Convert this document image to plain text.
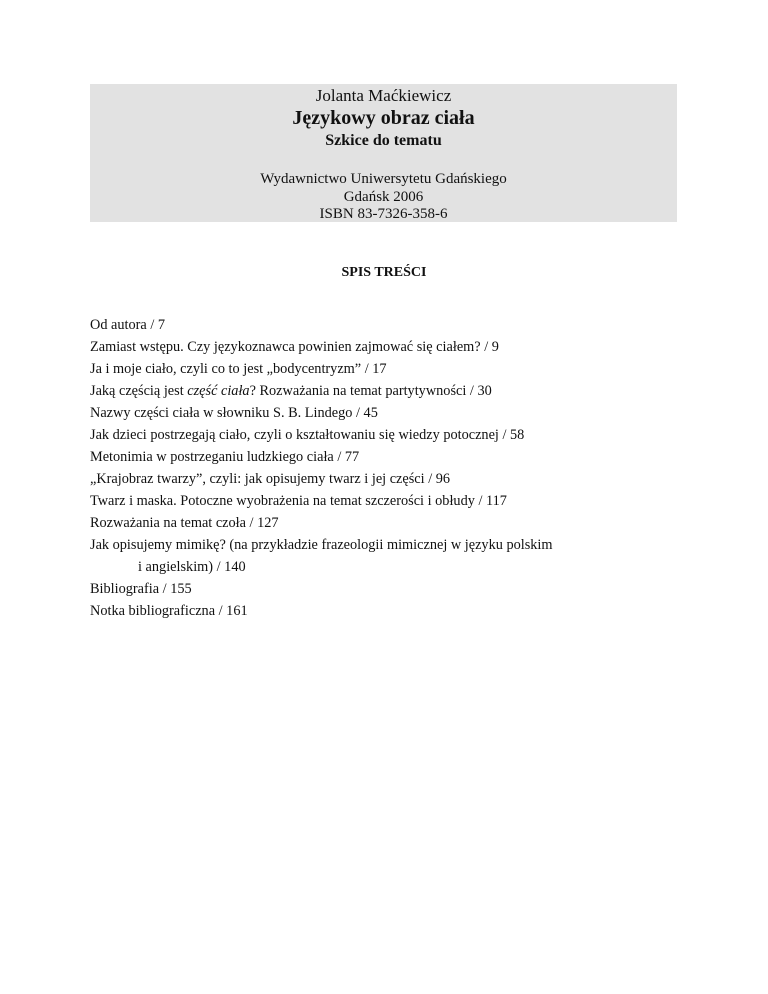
Jolanta Maćkiewicz
Językowy obraz ciała
Szkice do tematu
Wydawnictwo Uniwersytetu Gdańskiego
Gdańsk 2006
ISBN 83-7326-358-6
SPIS TREŚCI
Od autora / 7
Zamiast wstępu. Czy językoznawca powinien zajmować się ciałem? / 9
Ja i moje ciało, czyli co to jest „bodycentryzm” / 17
Jaką częścią jest część ciała? Rozważania na temat partytywności / 30
Nazwy części ciała w słowniku S. B. Lindego / 45
Jak dzieci postrzegają ciało, czyli o kształtowaniu się wiedzy potocznej / 58
Metonimia w postrzeganiu ludzkiego ciała / 77
„Krajobraz twarzy”, czyli: jak opisujemy twarz i jej części / 96
Twarz i maska. Potoczne wyobrażenia na temat szczerości i obłudy / 117
Rozważania na temat czoła / 127
Jak opisujemy mimikę? (na przykładzie frazeologii mimicznej w języku polskim
i angielskim) / 140
Bibliografia / 155
Notka bibliograficzna / 161
